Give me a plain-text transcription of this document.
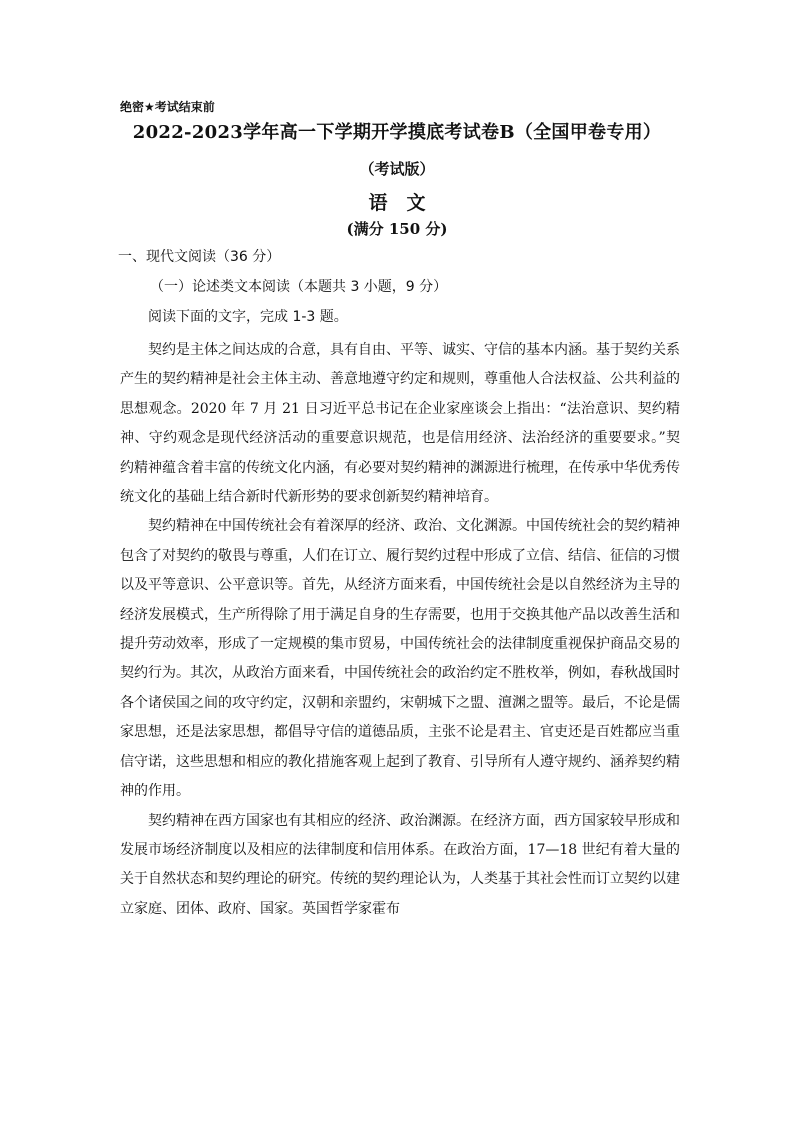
绝密★考试结束前
2022-2023学年高一下学期开学摸底考试卷B（全国甲卷专用）
（考试版）
语　文
(满分 150 分)
一、现代文阅读（36 分）
（一）论述类文本阅读（本题共 3 小题，9 分）
阅读下面的文字，完成 1-3 题。

契约是主体之间达成的合意，具有自由、平等、诚实、守信的基本内涵。基于契约关系产生的契约精神是社会主体主动、善意地遵守约定和规则，尊重他人合法权益、公共利益的思想观念。2020 年 7 月 21 日习近平总书记在企业家座谈会上指出：“法治意识、契约精神、守约观念是现代经济活动的重要意识规范，也是信用经济、法治经济的重要要求。”契约精神蕴含着丰富的传统文化内涵，有必要对契约精神的渊源进行梳理，在传承中华优秀传统文化的基础上结合新时代新形势的要求创新契约精神培育。

契约精神在中国传统社会有着深厚的经济、政治、文化渊源。中国传统社会的契约精神包含了对契约的敬畏与尊重，人们在订立、履行契约过程中形成了立信、结信、征信的习惯以及平等意识、公平意识等。首先，从经济方面来看，中国传统社会是以自然经济为主导的经济发展模式，生产所得除了用于满足自身的生存需要，也用于交换其他产品以改善生活和提升劳动效率，形成了一定规模的集市贸易，中国传统社会的法律制度重视保护商品交易的契约行为。其次，从政治方面来看，中国传统社会的政治约定不胜枚举，例如，春秋战国时各个诸侯国之间的攻守约定，汉朝和亲盟约，宋朝城下之盟、澶渊之盟等。最后，不论是儒家思想，还是法家思想，都倡导守信的道德品质，主张不论是君主、官吏还是百姓都应当重信守诺，这些思想和相应的教化措施客观上起到了教育、引导所有人遵守规约、涵养契约精神的作用。

契约精神在西方国家也有其相应的经济、政治渊源。在经济方面，西方国家较早形成和发展市场经济制度以及相应的法律制度和信用体系。在政治方面，17—18 世纪有着大量的关于自然状态和契约理论的研究。传统的契约理论认为，人类基于其社会性而订立契约以建立家庭、团体、政府、国家。英国哲学家霍布
